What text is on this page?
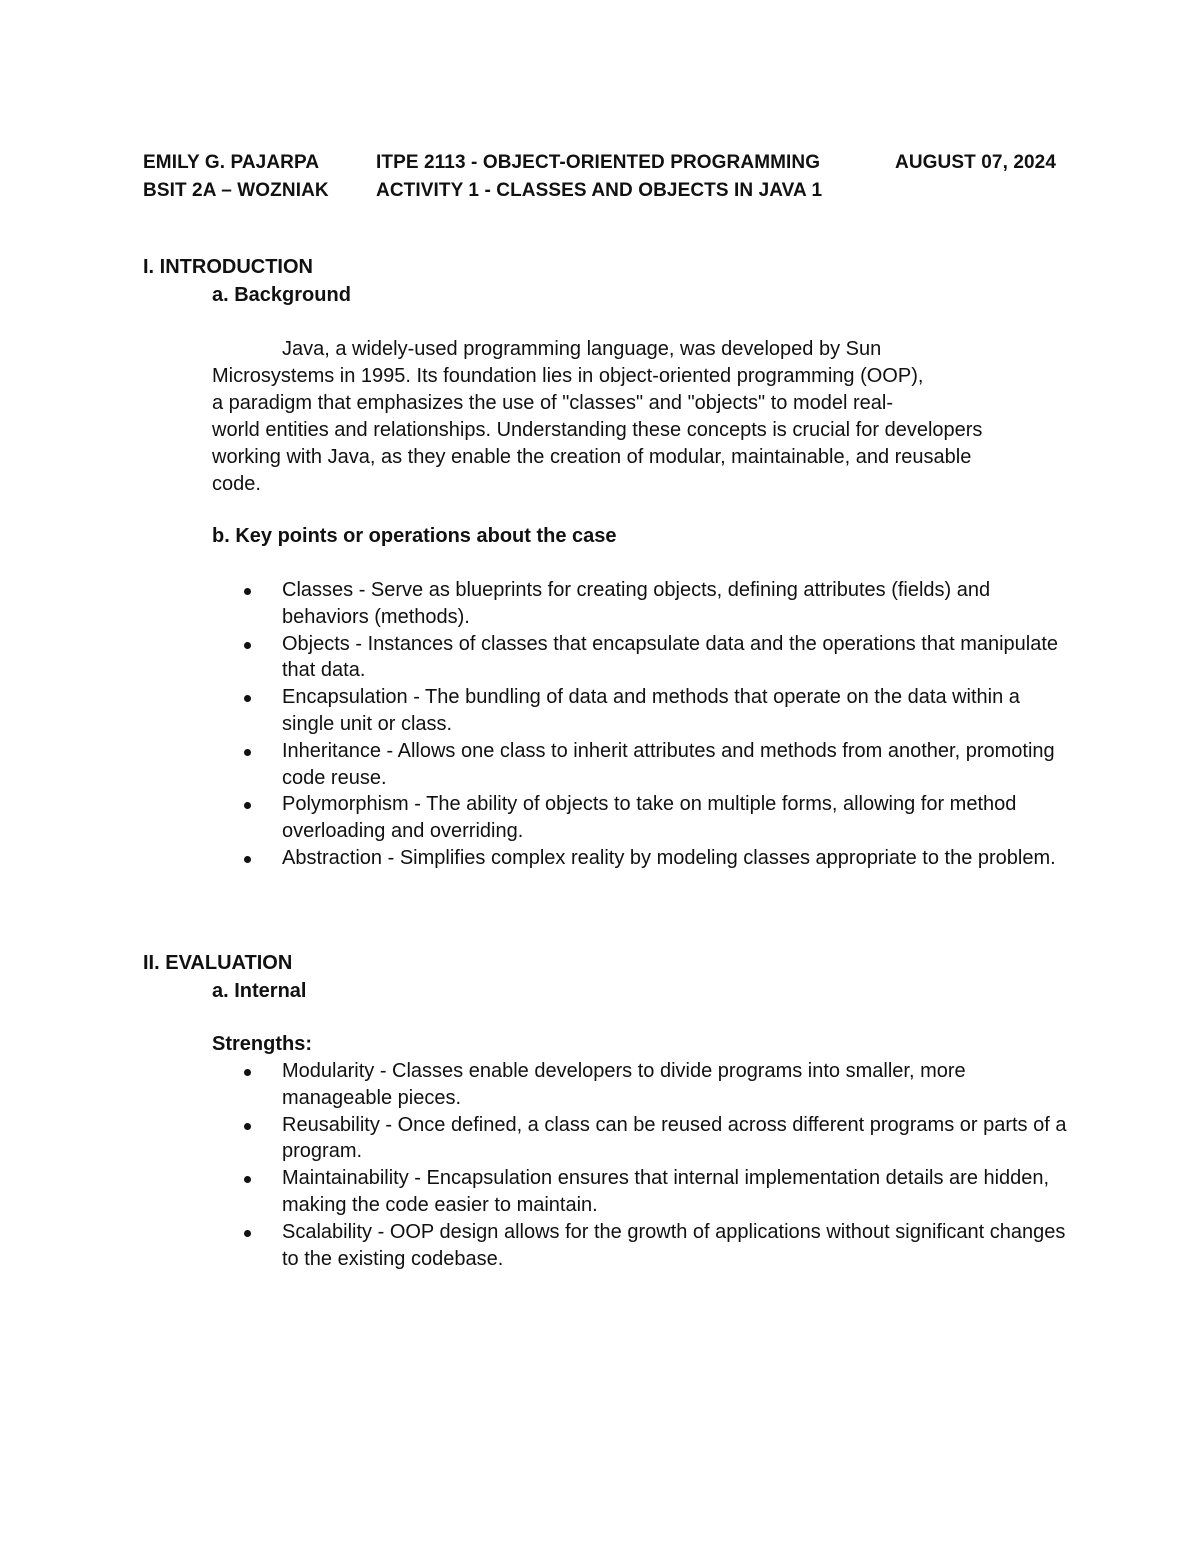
EMILY G. PAJARPA	ITPE 2113 - OBJECT-ORIENTED PROGRAMMING	AUGUST 07, 2024
BSIT 2A – WOZNIAK ACTIVITY 1 - CLASSES AND OBJECTS IN JAVA 1
I. INTRODUCTION
a. Background
Java, a widely-used programming language, was developed by Sun
Microsystems in 1995. Its foundation lies in object-oriented programming (OOP),
a paradigm that emphasizes the use of "classes" and "objects" to model real-
world entities and relationships. Understanding these concepts is crucial for developers
working with Java, as they enable the creation of modular, maintainable, and reusable
code.
b. Key points or operations about the case
Classes - Serve as blueprints for creating objects, defining attributes (fields) and behaviors (methods).
Objects - Instances of classes that encapsulate data and the operations that manipulate that data.
Encapsulation - The bundling of data and methods that operate on the data within a single unit or class.
Inheritance - Allows one class to inherit attributes and methods from another, promoting code reuse.
Polymorphism - The ability of objects to take on multiple forms, allowing for method overloading and overriding.
Abstraction - Simplifies complex reality by modeling classes appropriate to the problem.
II. EVALUATION
a. Internal
Strengths:
Modularity - Classes enable developers to divide programs into smaller, more manageable pieces.
Reusability - Once defined, a class can be reused across different programs or parts of a program.
Maintainability - Encapsulation ensures that internal implementation details are hidden, making the code easier to maintain.
Scalability - OOP design allows for the growth of applications without significant changes to the existing codebase.
